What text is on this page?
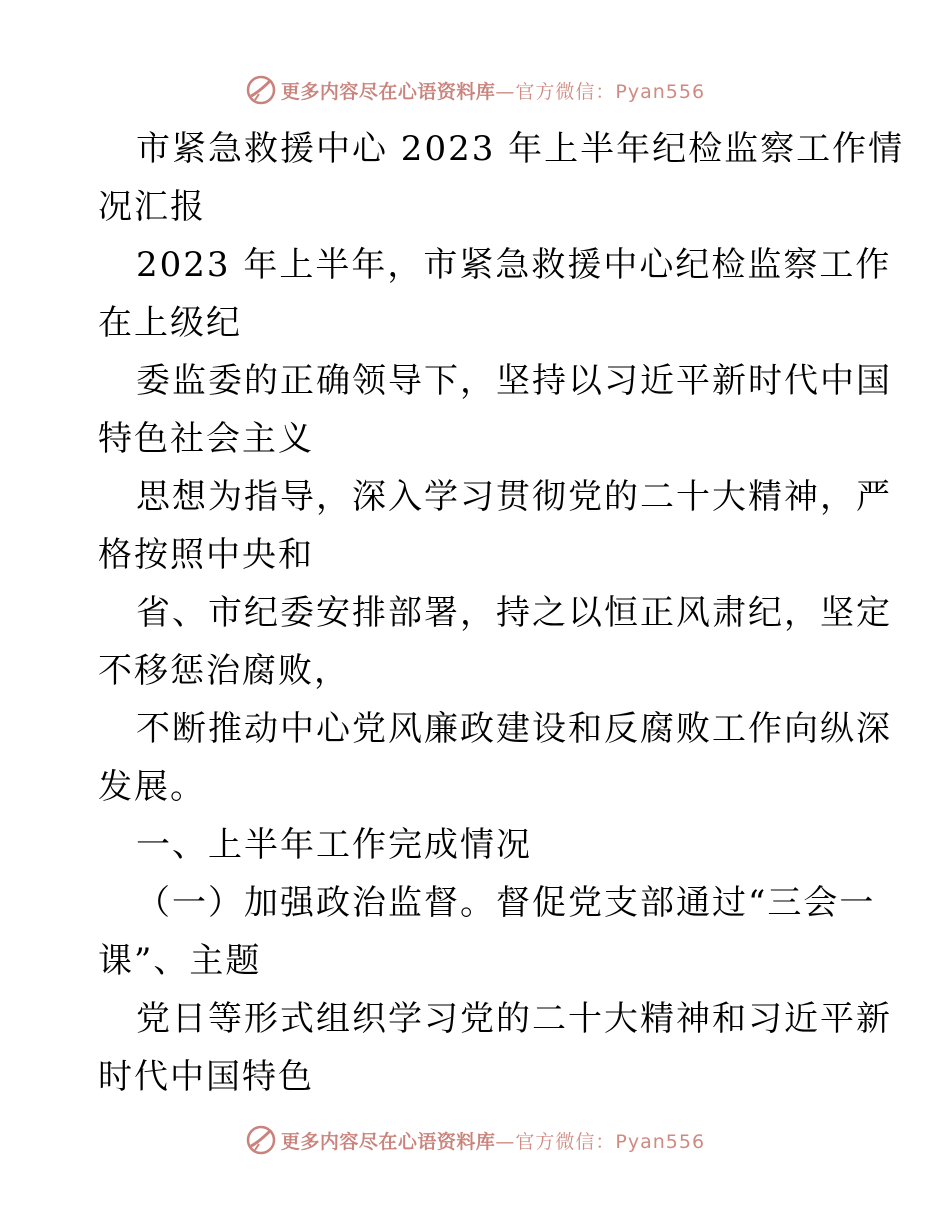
更多内容尽在心语资料库 —官方微信：Pyan556
市紧急救援中心 2023 年上半年纪检监察工作情
况汇报
2023 年上半年，市紧急救援中心纪检监察工作
在上级纪
委监委的正确领导下，坚持以习近平新时代中国
特色社会主义
思想为指导，深入学习贯彻党的二十大精神，严
格按照中央和
省、市纪委安排部署，持之以恒正风肃纪，坚定
不移惩治腐败，
不断推动中心党风廉政建设和反腐败工作向纵深
发展。
一、上半年工作完成情况
（一）加强政治监督。督促党支部通过“三会一
课”、主题
党日等形式组织学习党的二十大精神和习近平新
时代中国特色
更多内容尽在心语资料库 —官方微信：Pyan556
